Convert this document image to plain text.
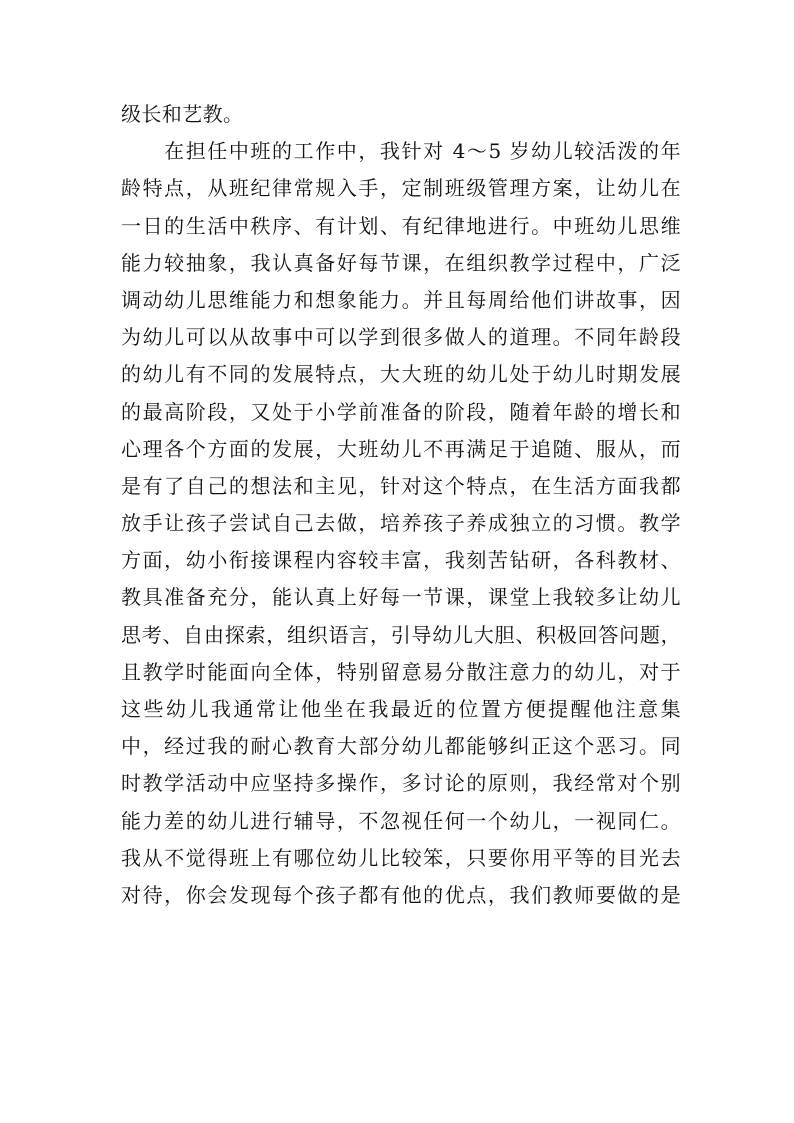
级长和艺教。
　　在担任中班的工作中，我针对 4～5 岁幼儿较活泼的年
龄特点，从班纪律常规入手，定制班级管理方案，让幼儿在
一日的生活中秩序、有计划、有纪律地进行。中班幼儿思维
能力较抽象，我认真备好每节课，在组织教学过程中，广泛
调动幼儿思维能力和想象能力。并且每周给他们讲故事，因
为幼儿可以从故事中可以学到很多做人的道理。不同年龄段
的幼儿有不同的发展特点，大大班的幼儿处于幼儿时期发展
的最高阶段，又处于小学前准备的阶段，随着年龄的增长和
心理各个方面的发展，大班幼儿不再满足于追随、服从，而
是有了自己的想法和主见，针对这个特点，在生活方面我都
放手让孩子尝试自己去做，培养孩子养成独立的习惯。教学
方面，幼小衔接课程内容较丰富，我刻苦钻研，各科教材、
教具准备充分，能认真上好每一节课，课堂上我较多让幼儿
思考、自由探索，组织语言，引导幼儿大胆、积极回答问题，
且教学时能面向全体，特别留意易分散注意力的幼儿，对于
这些幼儿我通常让他坐在我最近的位置方便提醒他注意集
中，经过我的耐心教育大部分幼儿都能够纠正这个恶习。同
时教学活动中应坚持多操作，多讨论的原则，我经常对个别
能力差的幼儿进行辅导，不忽视任何一个幼儿，一视同仁。
我从不觉得班上有哪位幼儿比较笨，只要你用平等的目光去
对待，你会发现每个孩子都有他的优点，我们教师要做的是
